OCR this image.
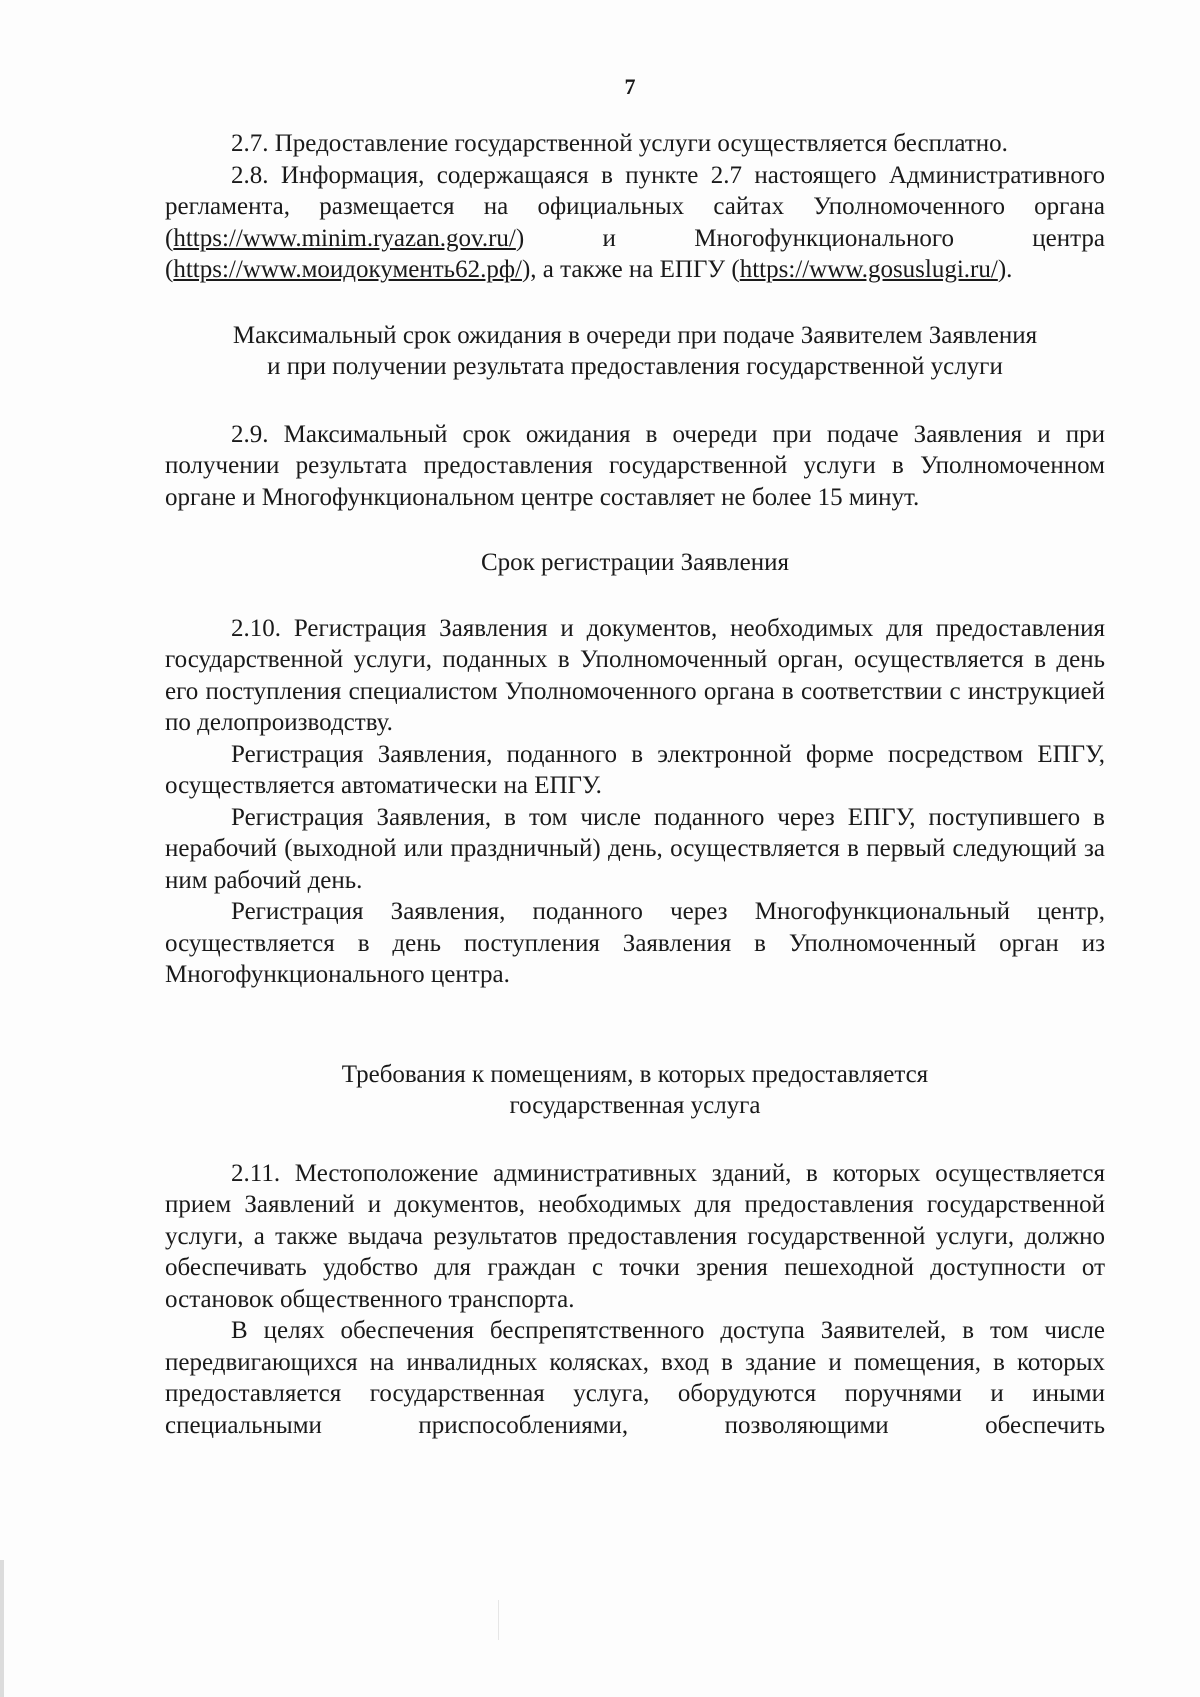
7

2.7. Предоставление государственной услуги осуществляется бесплатно.

2.8. Информация, содержащаяся в пункте 2.7 настоящего Административного регламента, размещается на официальных сайтах Уполномоченного органа (https://www.minim.ryazan.gov.ru/) и Многофункционального центра (https://www.моидокументь62.рф/), а также на ЕПГУ (https://www.gosuslugi.ru/).

Максимальный срок ожидания в очереди при подаче Заявителем Заявления
и при получении результата предоставления государственной услуги

2.9. Максимальный срок ожидания в очереди при подаче Заявления и при получении результата предоставления государственной услуги в Уполномоченном органе и Многофункциональном центре составляет не более 15 минут.

Срок регистрации Заявления

2.10. Регистрация Заявления и документов, необходимых для предоставления государственной услуги, поданных в Уполномоченный орган, осуществляется в день его поступления специалистом Уполномоченного органа в соответствии с инструкцией по делопроизводству.

Регистрация Заявления, поданного в электронной форме посредством ЕПГУ, осуществляется автоматически на ЕПГУ.

Регистрация Заявления, в том числе поданного через ЕПГУ, поступившего в нерабочий (выходной или праздничный) день, осуществляется в первый следующий за ним рабочий день.

Регистрация Заявления, поданного через Многофункциональный центр, осуществляется в день поступления Заявления в Уполномоченный орган из Многофункционального центра.

Требования к помещениям, в которых предоставляется
государственная услуга

2.11. Местоположение административных зданий, в которых осуществляется прием Заявлений и документов, необходимых для предоставления государственной услуги, а также выдача результатов предоставления государственной услуги, должно обеспечивать удобство для граждан с точки зрения пешеходной доступности от остановок общественного транспорта.

В целях обеспечения беспрепятственного доступа Заявителей, в том числе передвигающихся на инвалидных колясках, вход в здание и помещения, в которых предоставляется государственная услуга, оборудуются поручнями и иными специальными приспособлениями, позволяющими обеспечить
